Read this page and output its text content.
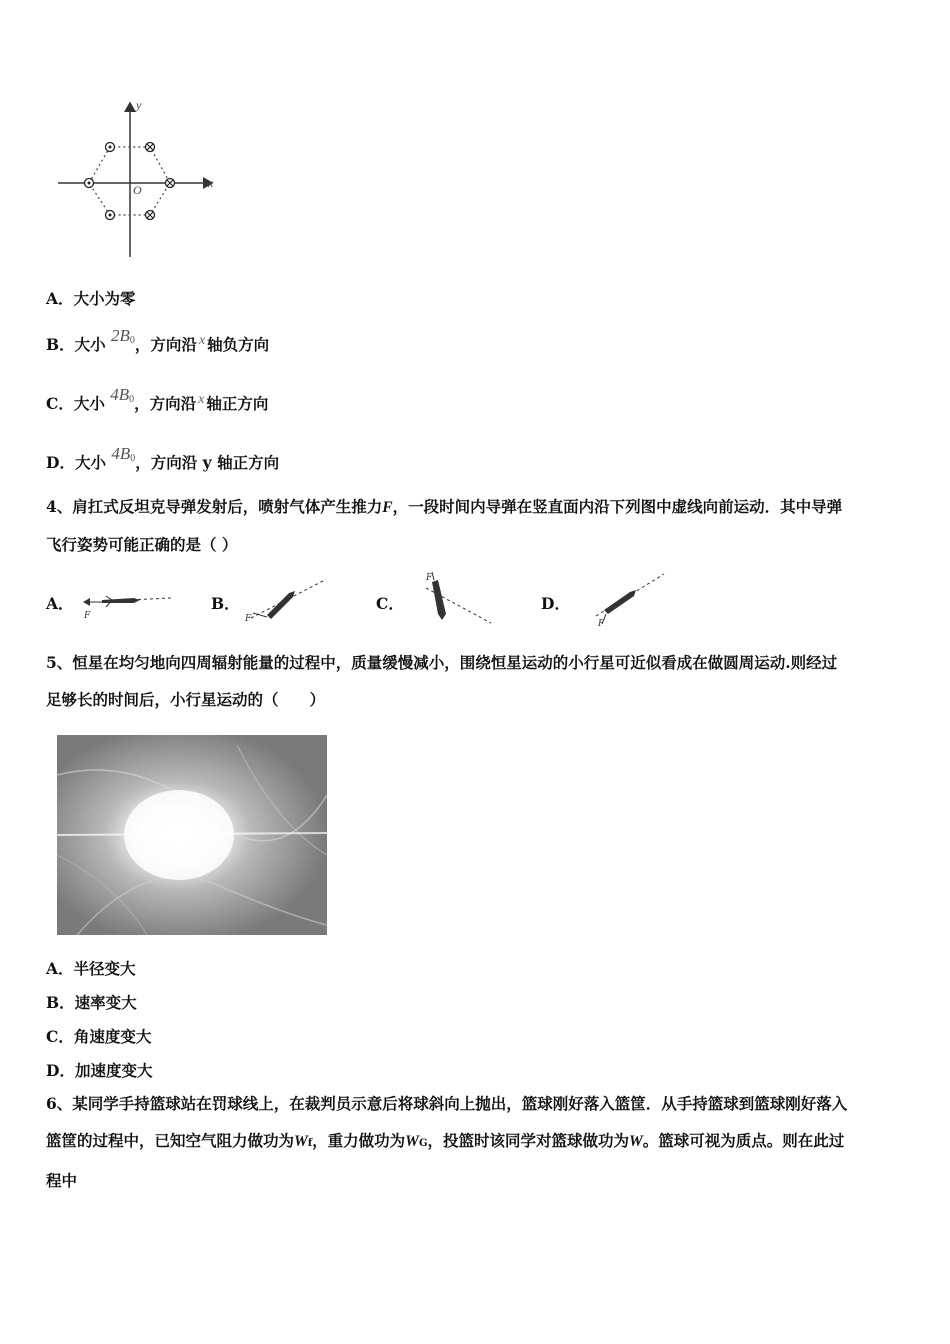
y
x
O
A．大小为零
B．大小 2B0，方向沿 x 轴负方向
C．大小 4B0，方向沿 x 轴正方向
D．大小 4B0，方向沿 y 轴正方向
4、肩扛式反坦克导弹发射后，喷射气体产生推力F，一段时间内导弹在竖直面内沿下列图中虚线向前运动．其中导弹
飞行姿势可能正确的是（ ）
A．
F
B．
F
C．
F
D．
F
5、恒星在均匀地向四周辐射能量的过程中，质量缓慢减小，围绕恒星运动的小行星可近似看成在做圆周运动.则经过
足够长的时间后，小行星运动的（　　）
A．半径变大
B．速率变大
C．角速度变大
D．加速度变大
6、某同学手持篮球站在罚球线上，在裁判员示意后将球斜向上抛出，篮球刚好落入篮筐．从手持篮球到篮球刚好落入
篮筐的过程中，已知空气阻力做功为Wf，重力做功为WG，投篮时该同学对篮球做功为W。篮球可视为质点。则在此过
程中
